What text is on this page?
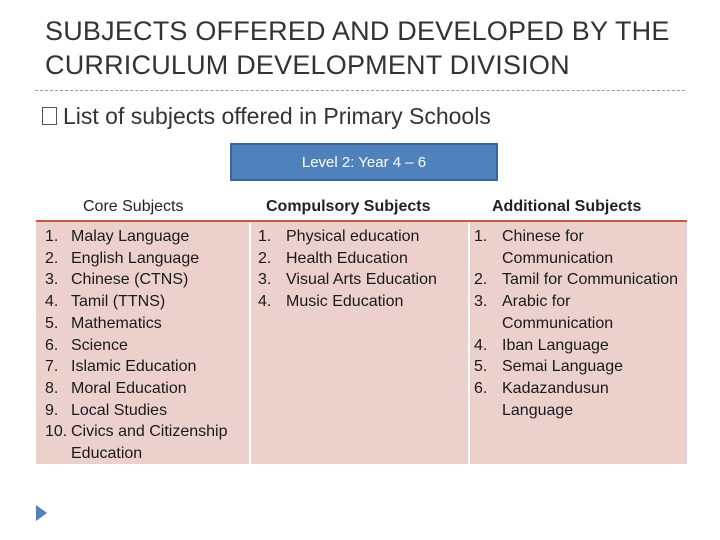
SUBJECTS OFFERED AND DEVELOPED BY THE CURRICULUM DEVELOPMENT DIVISION
List of subjects offered in Primary Schools
Level 2: Year 4 – 6
Core Subjects	Compulsory Subjects	Additional Subjects
1. Malay Language
2. English Language
3. Chinese (CTNS)
4. Tamil (TTNS)
5. Mathematics
6. Science
7. Islamic Education
8. Moral Education
9. Local Studies
10. Civics and Citizenship Education
1. Physical education
2. Health Education
3. Visual Arts Education
4. Music Education
1. Chinese for Communication
2. Tamil for Communication
3. Arabic for Communication
4. Iban Language
5. Semai Language
6. Kadazandusun Language
